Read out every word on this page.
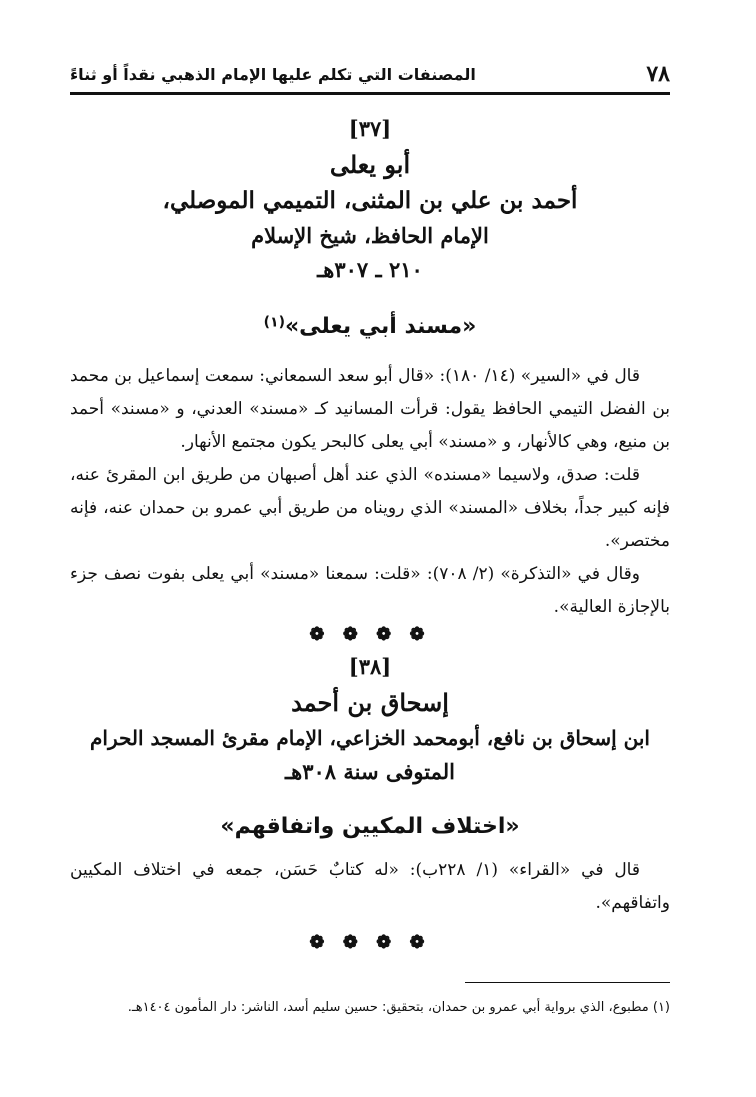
٧٨
المصنفات التي تكلم عليها الإمام الذهبي نقداً أو ثناءً
[٣٧]
أبو يعلى
أحمد بن علي بن المثنى، التميمي الموصلي،
الإمام الحافظ، شيخ الإسلام
٢١٠ ـ ٣٠٧هـ
«مسند أبي يعلى»$^{(١)}$
قال في «السير» (١٤/ ١٨٠): «قال أبو سعد السمعاني: سمعت إسماعيل بن محمد بن الفضل التيمي الحافظ يقول: قرأت المسانيد كـ «مسند» العدني، و «مسند» أحمد بن منيع، وهي كالأنهار، و «مسند» أبي يعلى كالبحر يكون مجتمع الأنهار.
قلت: صدق، ولاسيما «مسنده» الذي عند أهل أصبهان من طريق ابن المقرئ عنه، فإنه كبير جداً، بخلاف «المسند» الذي رويناه من طريق أبي عمرو بن حمدان عنه، فإنه مختصر».
وقال في «التذكرة» (٢/ ٧٠٨): «قلت: سمعنا «مسند» أبي يعلى بفوت نصف جزء بالإجازة العالية».
❁ ❁ ❁ ❁
[٣٨]
إسحاق بن أحمد
ابن إسحاق بن نافع، أبومحمد الخزاعي، الإمام مقرئ المسجد الحرام
المتوفى سنة ٣٠٨هـ
«اختلاف المكيين واتفاقهم»
قال في «القراء» (١/ ٢٢٨ب): «له كتابٌ حَسَن، جمعه في اختلاف المكيين واتفاقهم».
❁ ❁ ❁ ❁
(١) مطبوع، الذي برواية أبي عمرو بن حمدان، بتحقيق: حسين سليم أسد، الناشر: دار المأمون ١٤٠٤هـ.
